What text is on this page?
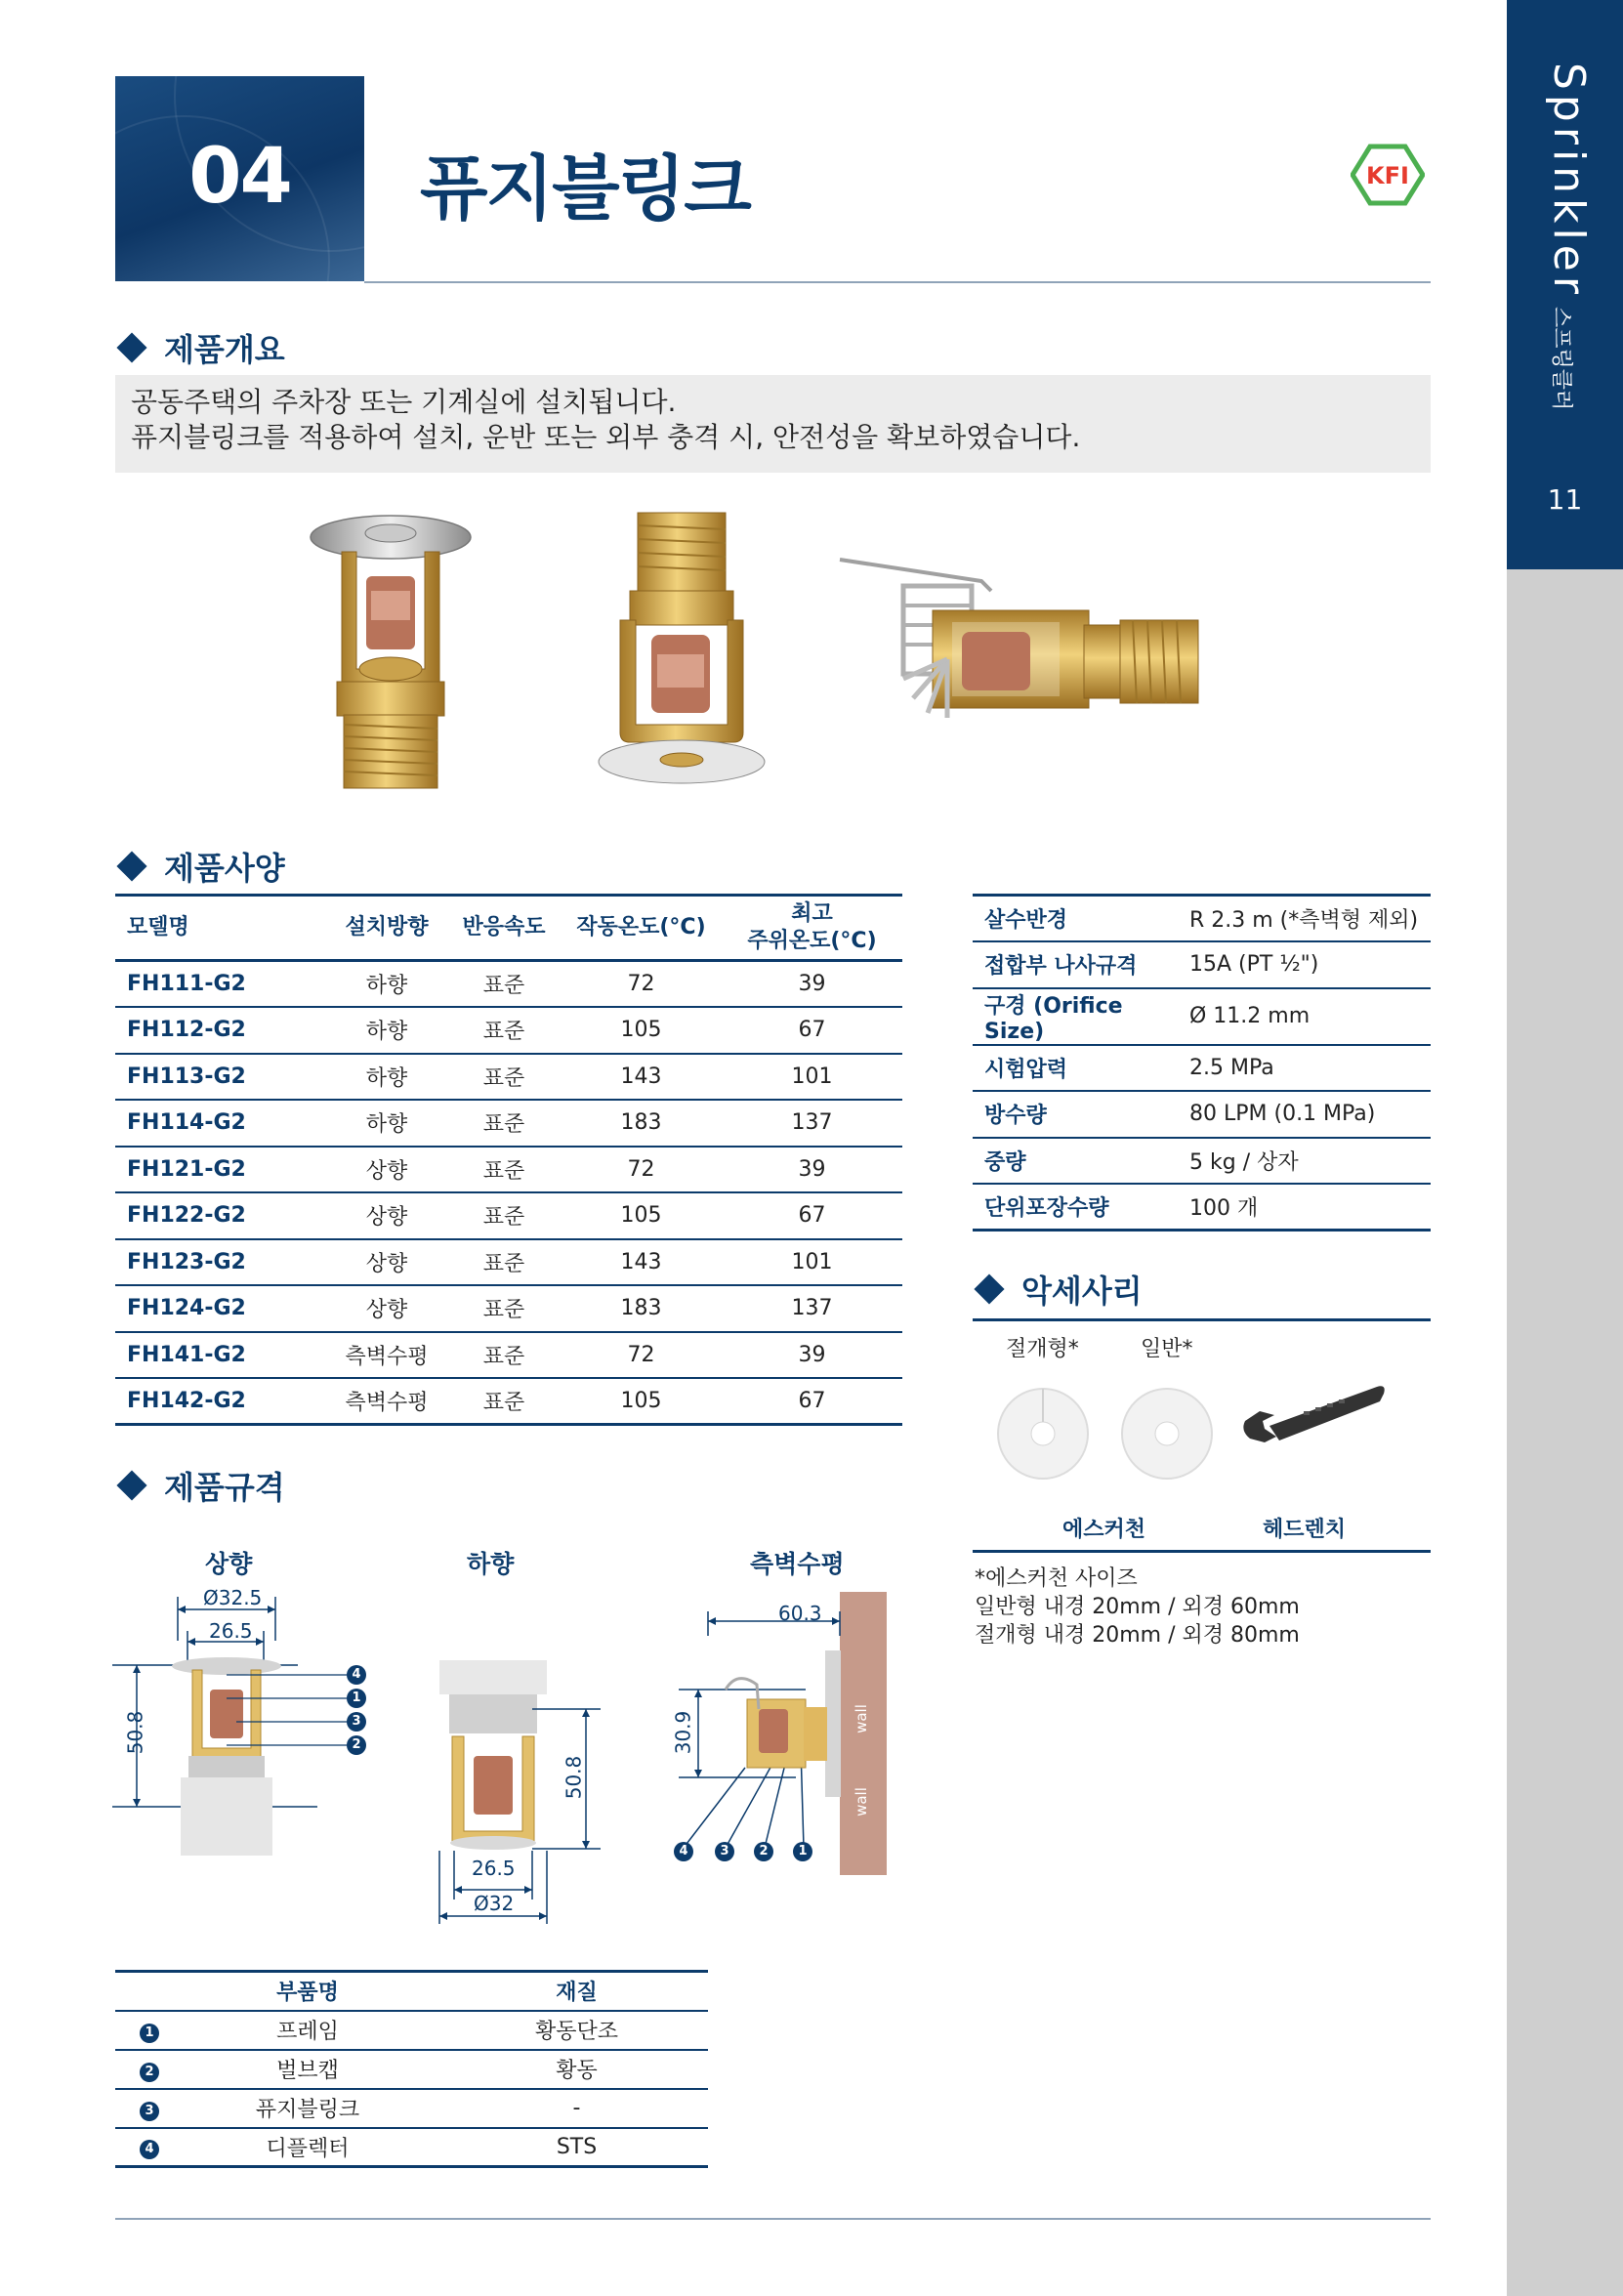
04	퓨지블링크	KFI	Sprinkler스프링클러
11
제품개요
공동주택의 주차장 또는 기계실에 설치됩니다.
퓨지블링크를 적용하여 설치, 운반 또는 외부 충격 시, 안전성을 확보하였습니다.
제품사양
모델명	설치방향	반응속도	작동온도(°C)	최고
주위온도(°C)
FH111-G2	하향	표준	72	39
FH112-G2	하향	표준	105	67
FH113-G2	하향	표준	143	101
FH114-G2	하향	표준	183	137
FH121-G2	상향	표준	72	39
FH122-G2	상향	표준	105	67
FH123-G2	상향	표준	143	101
FH124-G2	상향	표준	183	137
FH141-G2	측벽수평	표준	72	39
FH142-G2	측벽수평	표준	105	67
살수반경	R 2.3 m (*측벽형 제외)
접합부 나사규격	15A (PT ½")
구경 (Orifice Size)	Ø 11.2 mm
시험압력	2.5 MPa
방수량	80 LPM (0.1 MPa)
중량	5 kg / 상자
단위포장수량	100 개
악세사리
절개형*	일반*
에스커천	헤드렌치
*에스커천 사이즈
일반형 내경 20mm / 외경 60mm
절개형 내경 20mm / 외경 80mm
제품규격
상향
Ø32.5
26.5
50.8
4
1
3
2
하향
50.8
26.5
Ø32
측벽수평
wall
wall
60.3
30.9
4	3	2	1
	부품명	재질
1	프레임	황동단조
2	벌브캡	황동
3	퓨지블링크	-
4	디플렉터	STS
